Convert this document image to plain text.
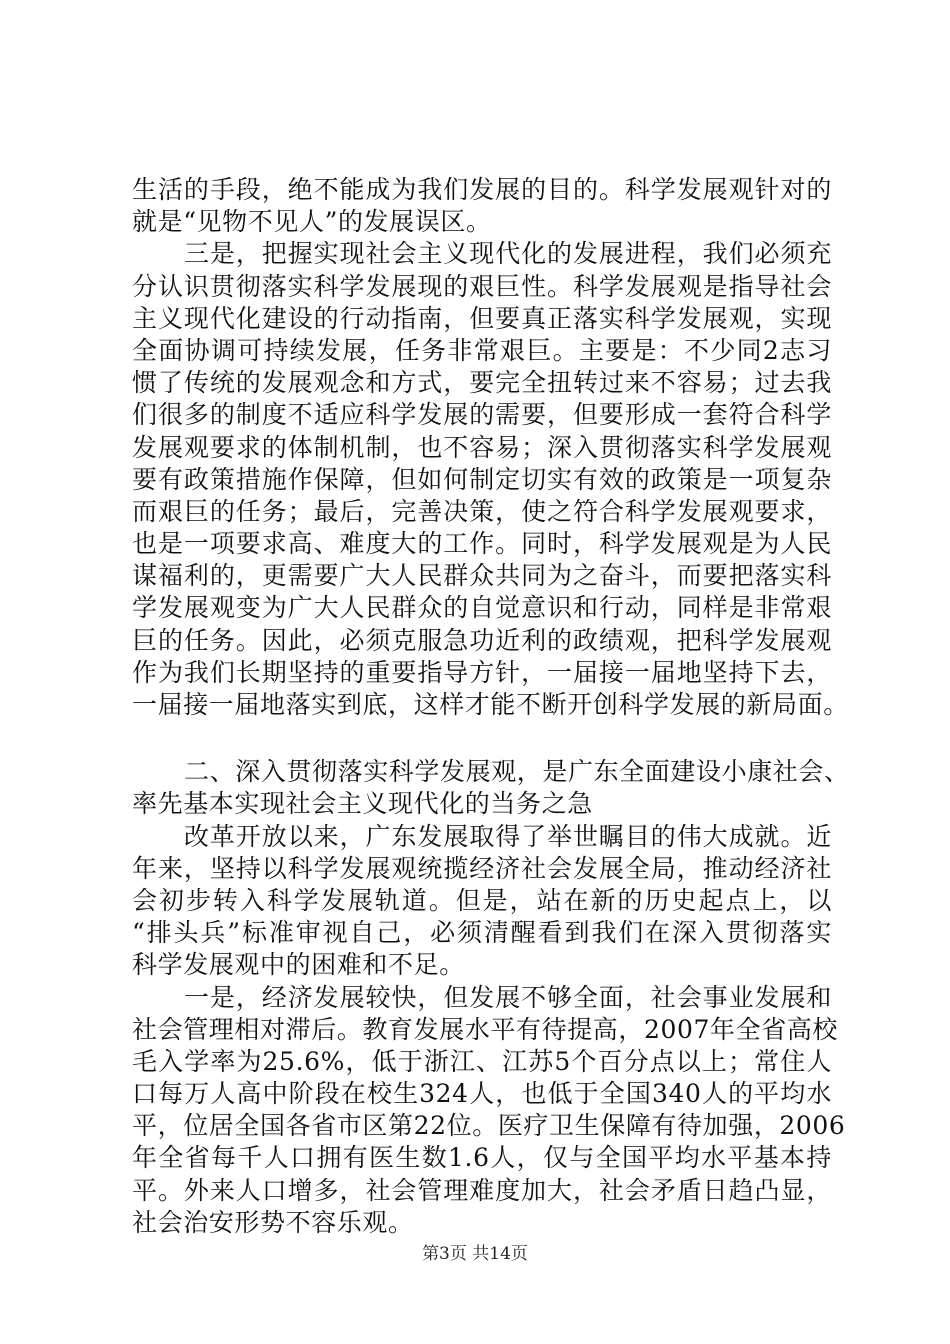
生活的手段，绝不能成为我们发展的目的。科学发展观针对的
就是“见物不见人”的发展误区。
三是，把握实现社会主义现代化的发展进程，我们必须充
分认识贯彻落实科学发展现的艰巨性。科学发展观是指导社会
主义现代化建设的行动指南，但要真正落实科学发展观，实现
全面协调可持续发展，任务非常艰巨。主要是：不少同2志习
惯了传统的发展观念和方式，要完全扭转过来不容易；过去我
们很多的制度不适应科学发展的需要，但要形成一套符合科学
发展观要求的体制机制，也不容易；深入贯彻落实科学发展观
要有政策措施作保障，但如何制定切实有效的政策是一项复杂
而艰巨的任务；最后，完善决策，使之符合科学发展观要求，
也是一项要求高、难度大的工作。同时，科学发展观是为人民
谋福利的，更需要广大人民群众共同为之奋斗，而要把落实科
学发展观变为广大人民群众的自觉意识和行动，同样是非常艰
巨的任务。因此，必须克服急功近利的政绩观，把科学发展观
作为我们长期坚持的重要指导方针，一届接一届地坚持下去，
一届接一届地落实到底，这样才能不断开创科学发展的新局面。
二、深入贯彻落实科学发展观，是广东全面建设小康社会、
率先基本实现社会主义现代化的当务之急
改革开放以来，广东发展取得了举世瞩目的伟大成就。近
年来，坚持以科学发展观统揽经济社会发展全局，推动经济社
会初步转入科学发展轨道。但是，站在新的历史起点上，以
“排头兵”标准审视自己，必须清醒看到我们在深入贯彻落实
科学发展观中的困难和不足。
一是，经济发展较快，但发展不够全面，社会事业发展和
社会管理相对滞后。教育发展水平有待提高，2007年全省高校
毛入学率为25.6%，低于浙江、江苏5个百分点以上；常住人
口每万人高中阶段在校生324人，也低于全国340人的平均水
平，位居全国各省市区第22位。医疗卫生保障有待加强，2006
年全省每千人口拥有医生数1.6人，仅与全国平均水平基本持
平。外来人口增多，社会管理难度加大，社会矛盾日趋凸显，
社会治安形势不容乐观。
第3页 共14页
